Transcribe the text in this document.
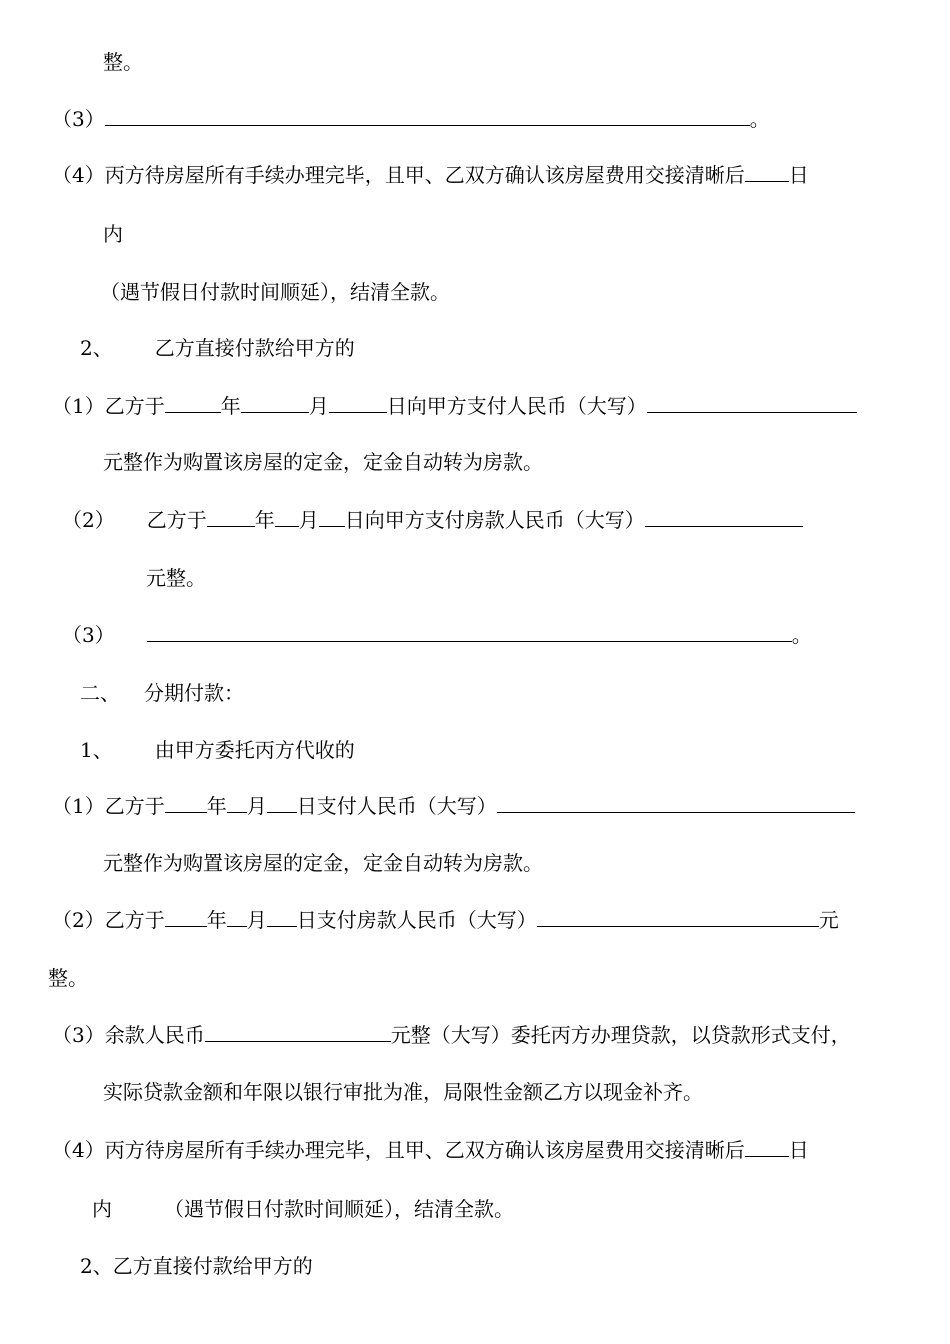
整。
（3）	。
（4）丙方待房屋所有手续办理完毕，且甲、乙双方确认该房屋费用交接清晰后 日
内
（遇节假日付款时间顺延），结清全款。
2、 乙方直接付款给甲方的
（1）乙方于	年	月	日向甲方支付人民币（大写）
元整作为购置该房屋的定金，定金自动转为房款。
（2） 乙方于 年 月 日向甲方支付房款人民币（大写）
元整。
（3）	。
二、 分期付款：
1、 由甲方委托丙方代收的
（1）乙方于 年 月 日支付人民币（大写）
元整作为购置该房屋的定金，定金自动转为房款。
（2）乙方于 年 月 日支付房款人民币（大写）	元
整。
（3）余款人民币	元整（大写）委托丙方办理贷款，以贷款形式支付，
实际贷款金额和年限以银行审批为准，局限性金额乙方以现金补齐。
（4）丙方待房屋所有手续办理完毕，且甲、乙双方确认该房屋费用交接清晰后 日
内	（遇节假日付款时间顺延），结清全款。
2、乙方直接付款给甲方的
